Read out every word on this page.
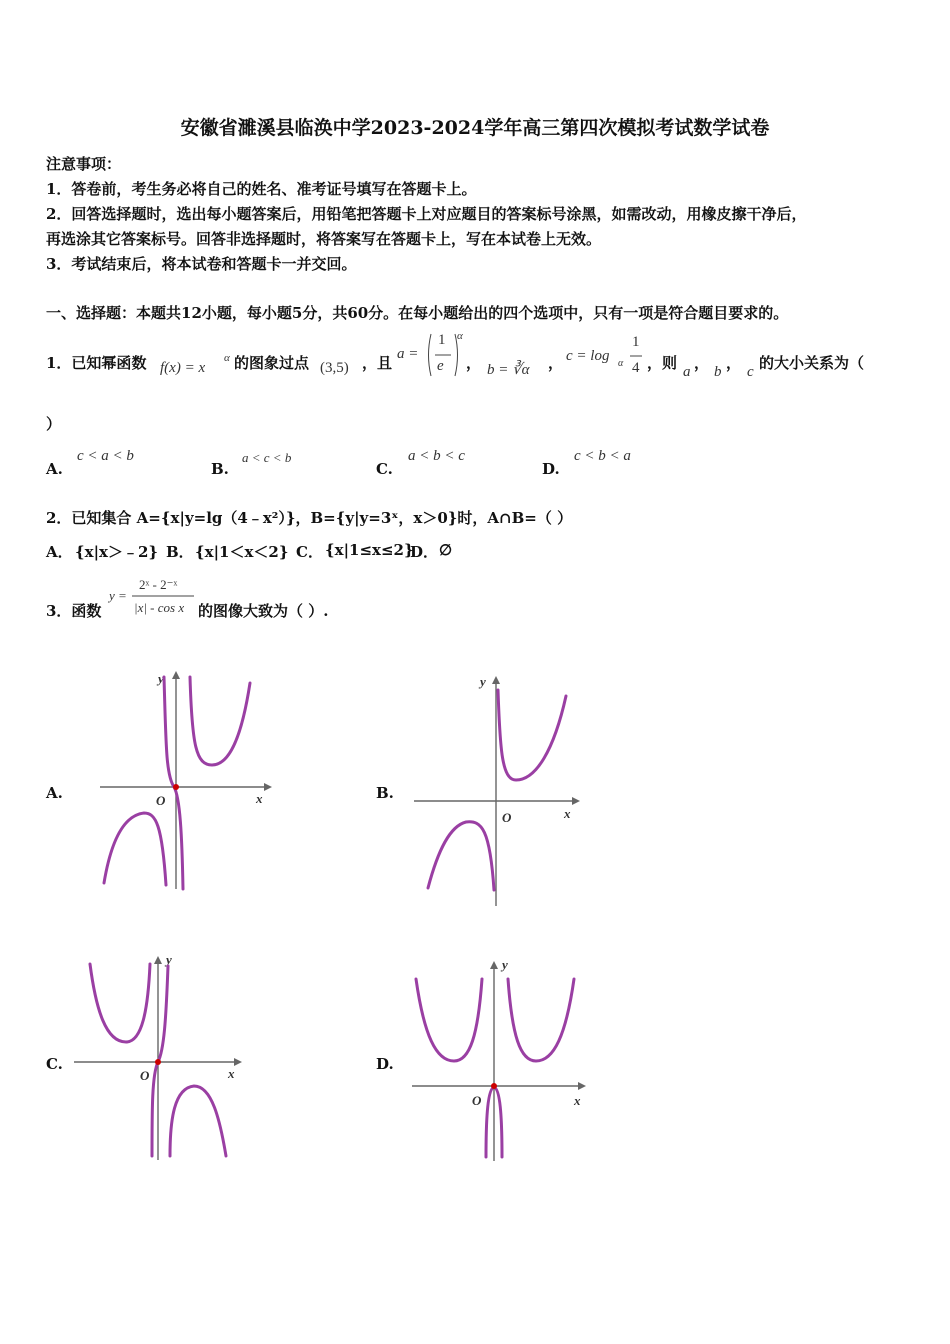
安徽省濉溪县临涣中学2023-2024学年高三第四次模拟考试数学试卷
注意事项：
1．答卷前，考生务必将自己的姓名、准考证号填写在答题卡上。
2．回答选择题时，选出每小题答案后，用铅笔把答题卡上对应题目的答案标号涂黑，如需改动，用橡皮擦干净后，
再选涂其它答案标号。回答非选择题时，将答案写在答题卡上，写在本试卷上无效。
3．考试结束后，将本试卷和答题卡一并交回。
一、选择题：本题共12小题，每小题5分，共60分。在每小题给出的四个选项中，只有一项是符合题目要求的。
1．已知幂函数 f(x) = x
α 的图象过点 (3,5) ，且 a =
1
e
α
， b = ∛α ， c = log α
1
4 ，则 a ， b ， c 的大小关系为（
）
A.
c < a < b
B.
a < c < b
C.
a < b < c
D.
c < b < a
2．已知集合 A={x|y=lg（4﹣x²）}，B={y|y=3ˣ，x＞0}时，A∩B=（ ）
A． {x|x＞﹣2} B． {x|1＜x＜2} C． {x|1≤x≤2}
D． ∅
3．函数
y =
2ˣ - 2⁻ˣ
|x| - cos x 的图像大致为（ ）.
A.	B.
C.	D.
x
y
O
x
y
O
x
y
O
x
y
O
